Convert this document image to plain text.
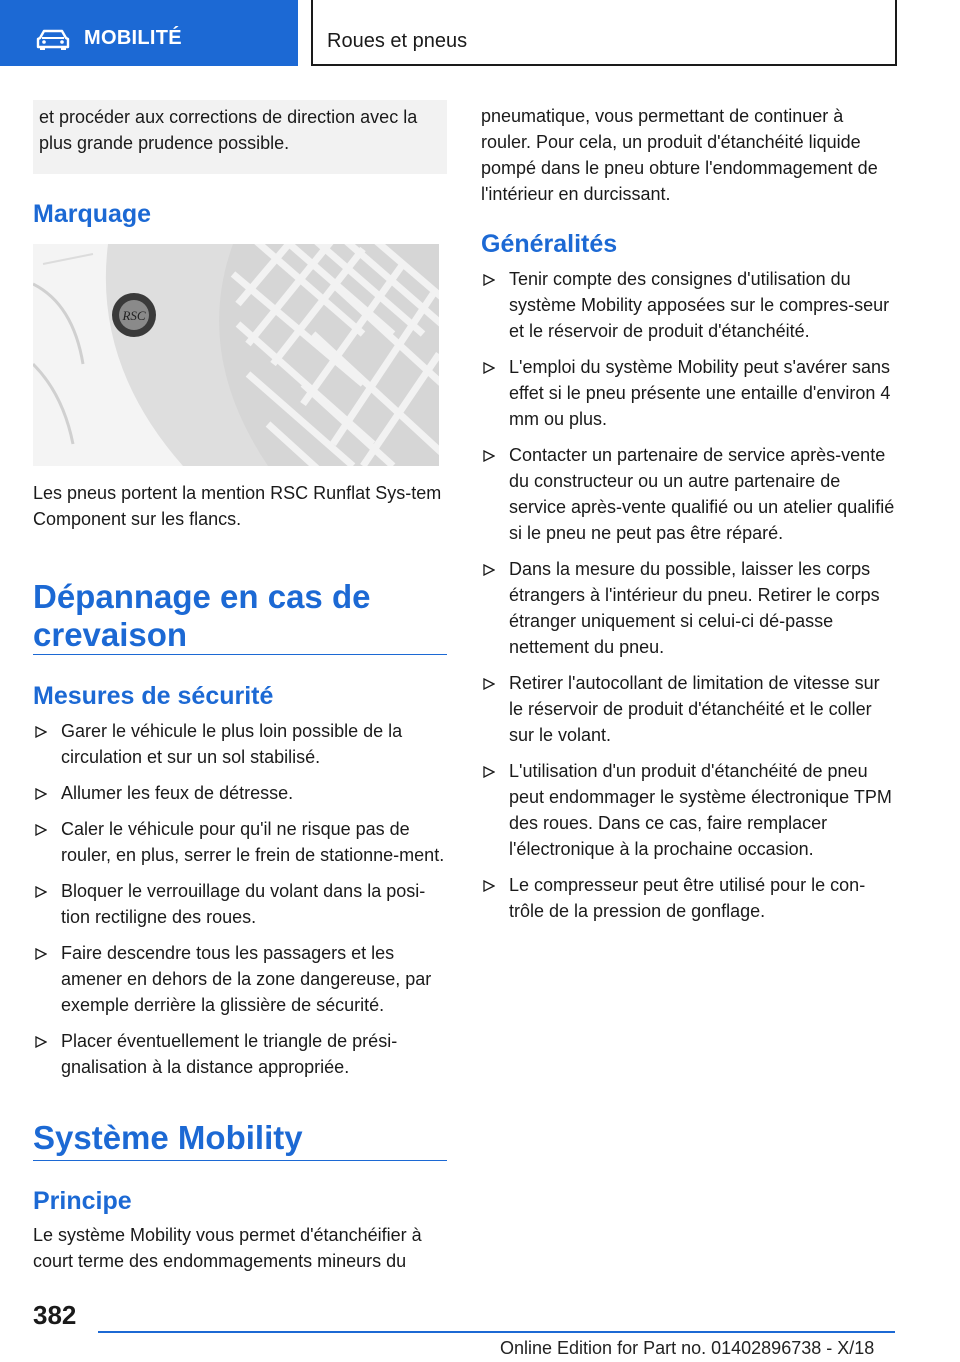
MOBILITÉ	Roues et pneus

et procéder aux corrections de direction avec la plus grande prudence possible.

Marquage
RSC

Les pneus portent la mention RSC Runflat Sys-tem Component sur les flancs.

Dépannage en cas de crevaison
Mesures de sécurité
Garer le véhicule le plus loin possible de la circulation et sur un sol stabilisé.
Allumer les feux de détresse.
Caler le véhicule pour qu'il ne risque pas de rouler, en plus, serrer le frein de stationne-ment.
Bloquer le verrouillage du volant dans la posi-tion rectiligne des roues.
Faire descendre tous les passagers et les amener en dehors de la zone dangereuse, par exemple derrière la glissière de sécurité.
Placer éventuellement le triangle de prési-gnalisation à la distance appropriée.
Système Mobility
Principe

Le système Mobility vous permet d'étanchéifier à court terme des endommagements mineurs du

pneumatique, vous permettant de continuer à rouler. Pour cela, un produit d'étanchéité liquide pompé dans le pneu obture l'endommagement de l'intérieur en durcissant.

Généralités
Tenir compte des consignes d'utilisation du système Mobility apposées sur le compres-seur et le réservoir de produit d'étanchéité.
L'emploi du système Mobility peut s'avérer sans effet si le pneu présente une entaille d'environ 4 mm ou plus.
Contacter un partenaire de service après-vente du constructeur ou un autre partenaire de service après-vente qualifié ou un atelier qualifié si le pneu ne peut pas être réparé.
Dans la mesure du possible, laisser les corps étrangers à l'intérieur du pneu. Retirer le corps étranger uniquement si celui-ci dé-passe nettement du pneu.
Retirer l'autocollant de limitation de vitesse sur le réservoir de produit d'étanchéité et le coller sur le volant.
L'utilisation d'un produit d'étanchéité de pneu peut endommager le système électronique TPM des roues. Dans ce cas, faire remplacer l'électronique à la prochaine occasion.
Le compresseur peut être utilisé pour le con-trôle de la pression de gonflage.
382
Online Edition for Part no. 01402896738 - X/18
